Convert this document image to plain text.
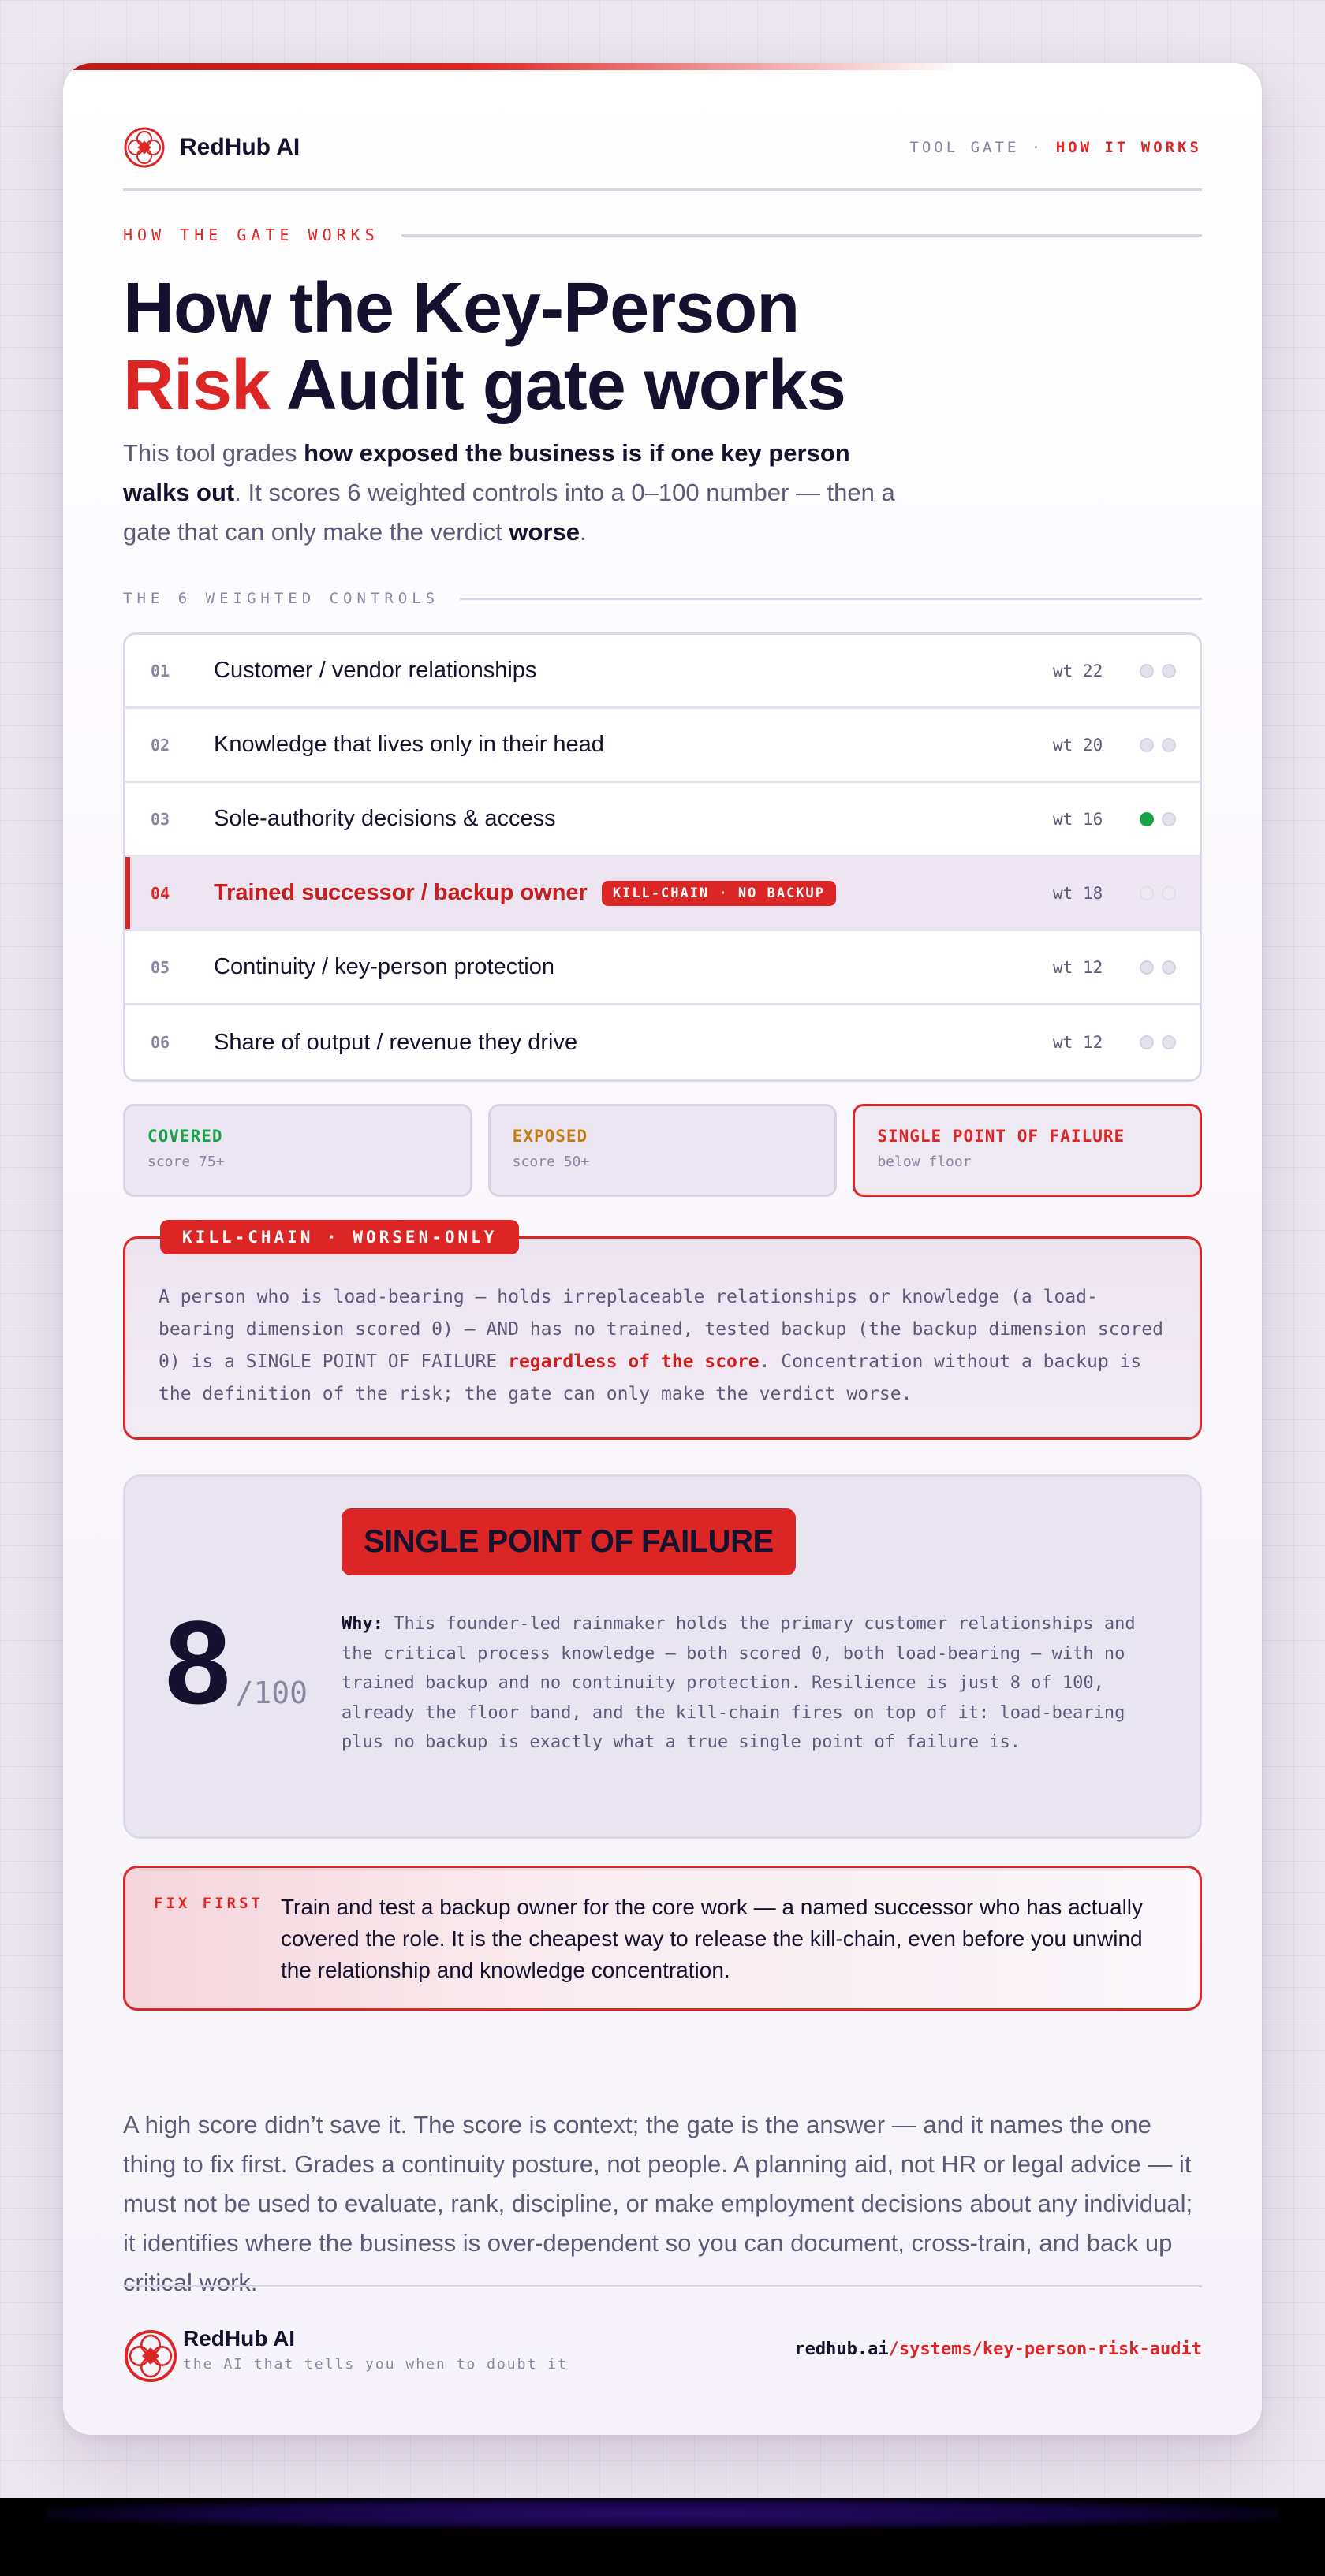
RedHub AI	TOOL GATE · HOW IT WORKS
HOW THE GATE WORKS
How the Key-Person
Risk Audit gate works

This tool grades how exposed the business is if one key person walks out. It scores 6 weighted controls into a 0–100 number — then a gate that can only make the verdict worse.

THE 6 WEIGHTED CONTROLS
01	Customer / vendor relationships	wt 22
02	Knowledge that lives only in their head	wt 20
03	Sole-authority decisions & access	wt 16
04	Trained successor / backup owner	KILL-CHAIN · NO BACKUP	wt 18
05	Continuity / key-person protection	wt 12
06	Share of output / revenue they drive	wt 12
COVERED
score 75+
EXPOSED
score 50+
SINGLE POINT OF FAILURE
below floor
KILL-CHAIN · WORSEN-ONLY

A person who is load-bearing — holds irreplaceable relationships or knowledge (a load-bearing dimension scored 0) — AND has no trained, tested backup (the backup dimension scored 0) is a SINGLE POINT OF FAILURE regardless of the score. Concentration without a backup is the definition of the risk; the gate can only make the verdict worse.

8 /100
SINGLE POINT OF FAILURE

Why: This founder-led rainmaker holds the primary customer relationships and the critical process knowledge — both scored 0, both load-bearing — with no trained backup and no continuity protection. Resilience is just 8 of 100, already the floor band, and the kill-chain fires on top of it: load-bearing plus no backup is exactly what a true single point of failure is.

FIX FIRST Train and test a backup owner for the core work — a named successor who has actually covered the role. It is the cheapest way to release the kill-chain, even before you unwind the relationship and knowledge concentration.

A high score didn’t save it. The score is context; the gate is the answer — and it names the one thing to fix first. Grades a continuity posture, not people. A planning aid, not HR or legal advice — it must not be used to evaluate, rank, discipline, or make employment decisions about any individual; it identifies where the business is over-dependent so you can document, cross-train, and back up critical work.

RedHub AI
the AI that tells you when to doubt it
redhub.ai/systems/key-person-risk-audit
